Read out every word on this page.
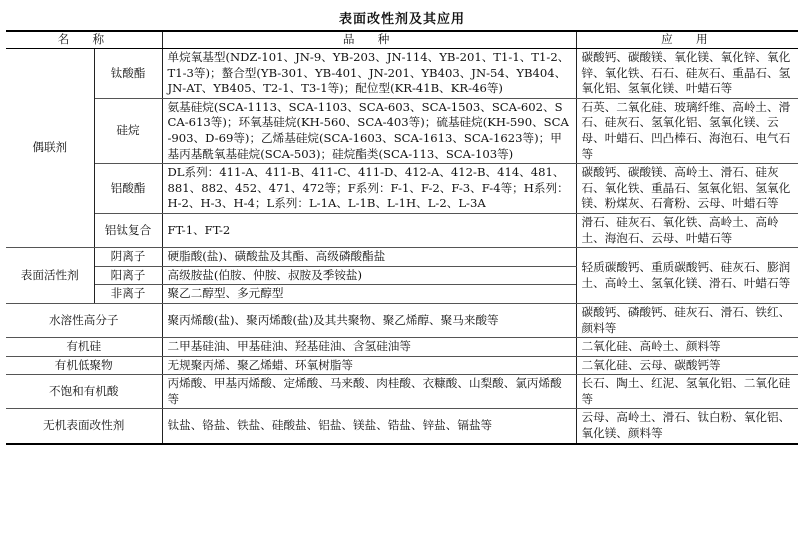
表面改性剂及其应用
名　称		品　种	应　用
偶联剂	钛酸酯	单烷氧基型(NDZ-101、JN-9、YB-203、JN-114、YB-201、T1-1、T1-2、T1-3等)；螯合型(YB-301、YB-401、JN-201、YB403、JN-54、YB404、JN-AT、YB405、T2-1、T3-1等)；配位型(KR-41B、KR-46等)	碳酸钙、碳酸镁、氧化镁、氧化锌、氧化锌、氧化铁、石石、硅灰石、重晶石、氢氧化铝、氢氧化镁、叶蜡石等
	硅烷	氨基硅烷(SCA-1113、SCA-1103、SCA-603、SCA-1503、SCA-602、SCA-613等)；环氧基硅烷(KH-560、SCA-403等)；硫基硅烷(KH-590、SCA-903、D-69等)；乙烯基硅烷(SCA-1603、SCA-1613、SCA-1623等)；甲基丙基酰氧基硅烷(SCA-503)；硅烷酯类(SCA-113、SCA-103等)	石英、二氧化硅、玻璃纤维、高岭土、滑石、硅灰石、氢氧化铝、氢氧化镁、云母、叶蜡石、凹凸棒石、海泡石、电气石等
	铝酸酯	DL系列：411-A、411-B、411-C、411-D、412-A、412-B、414、481、881、882、452、471、472等；F系列：F-1、F-2、F-3、F-4等；H系列：H-2、H-3、H-4；L系列：L-1A、L-1B、L-1H、L-2、L-3A	碳酸钙、碳酸镁、高岭土、滑石、硅灰石、氧化铁、重晶石、氢氧化铝、氢氧化镁、粉煤灰、石膏粉、云母、叶蜡石等
	铝钛复合	FT-1、FT-2	滑石、硅灰石、氧化铁、高岭土、高岭土、海泡石、云母、叶蜡石等
表面活性剂	阴离子	硬脂酸(盐)、磺酸盐及其酯、高级磷酸酯盐	轻质碳酸钙、重质碳酸钙、硅灰石、膨润土、高岭土、氢氧化镁、滑石、叶蜡石等
	阳离子	高级胺盐(伯胺、仲胺、叔胺及季铵盐)	
	非离子	聚乙二醇型、多元醇型	
水溶性高分子		聚丙烯酸(盐)、聚丙烯酸(盐)及其共聚物、聚乙烯醇、聚马来酸等	碳酸钙、磷酸钙、硅灰石、滑石、铁红、颜料等
有机硅		二甲基硅油、甲基硅油、羟基硅油、含氢硅油等	二氧化硅、高岭土、颜料等
有机低聚物		无规聚丙烯、聚乙烯蜡、环氧树脂等	二氧化硅、云母、碳酸钙等
不饱和有机酸		丙烯酸、甲基丙烯酸、定烯酸、马来酸、肉桂酸、衣糠酸、山梨酸、氯丙烯酸等	长石、陶土、红泥、氢氧化铝、二氧化硅等
无机表面改性剂		钛盐、铬盐、铁盐、硅酸盐、铝盐、镁盐、锆盐、锌盐、镉盐等	云母、高岭土、滑石、钛白粉、氧化铝、氧化镁、颜料等
